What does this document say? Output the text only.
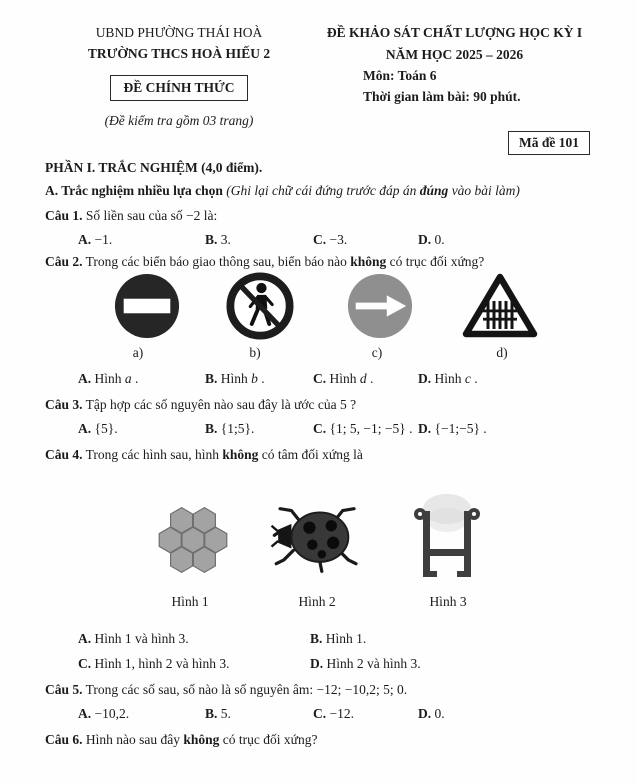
UBND PHƯỜNG THÁI HOÀ
TRƯỜNG THCS HOÀ HIẾU 2
ĐỀ CHÍNH THỨC
(Đề kiểm tra gồm 03 trang)
ĐỀ KHẢO SÁT CHẤT LƯỢNG HỌC KỲ I
NĂM HỌC 2025 – 2026
Môn: Toán 6
Thời gian làm bài: 90 phút.
Mã đề 101
PHẦN I. TRẮC NGHIỆM (4,0 điểm).
A. Trắc nghiệm nhiều lựa chọn (Ghi lại chữ cái đứng trước đáp án đúng vào bài làm)
Câu 1. Số liền sau của số −2 là:
A. −1.	B. 3.	C. −3.	D. 0.
Câu 2. Trong các biển báo giao thông sau, biển báo nào không có trục đối xứng?
a)	b)	c)	d)
A. Hình a .	B. Hình b .	C. Hình d .	D. Hình c .
Câu 3. Tập hợp các số nguyên nào sau đây là ước của 5 ?
A. {5}.	B. {1;5}.	C. {1; 5, −1; −5} . D. {−1;−5} .
Câu 4. Trong các hình sau, hình không có tâm đối xứng là
Hình 1	Hình 2	Hình 3
A. Hình 1 và hình 3.	B. Hình 1.
C. Hình 1, hình 2 và hình 3.	D. Hình 2 và hình 3.
Câu 5. Trong các số sau, số nào là số nguyên âm: −12; −10,2; 5; 0.
A. −10,2.	B. 5.	C. −12.	D. 0.
Câu 6. Hình nào sau đây không có trục đối xứng?
